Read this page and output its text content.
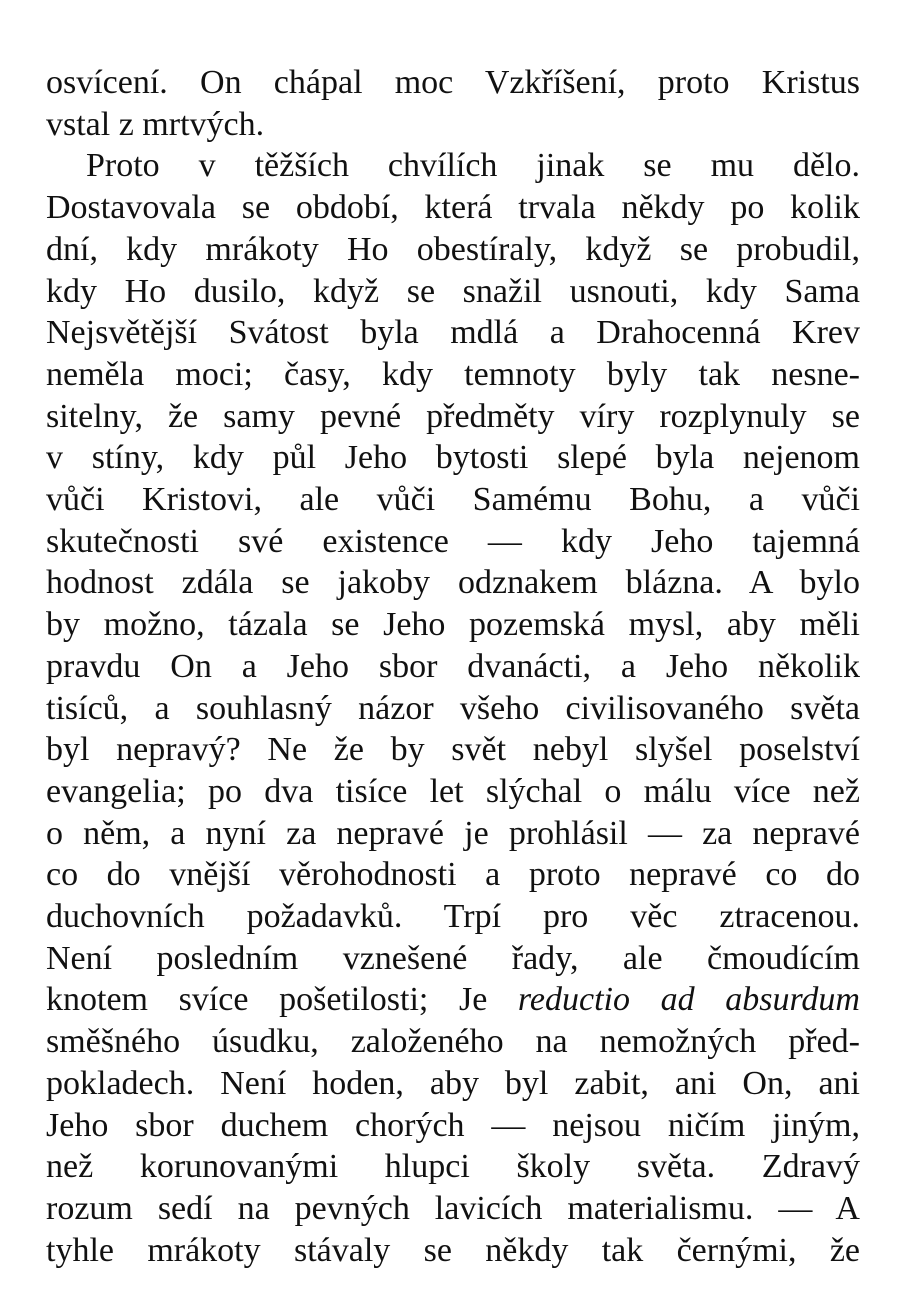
osvícení. On chápal moc Vzkříšení, proto Kristus
vstal z mrtvých.
Proto v těžších chvílích jinak se mu dělo.
Dostavovala se období, která trvala někdy po kolik
dní, kdy mrákoty Ho obestíraly, když se probudil,
kdy Ho dusilo, když se snažil usnouti, kdy Sama
Nejsvětější Svátost byla mdlá a Drahocenná Krev
neměla moci; časy, kdy temnoty byly tak nesne-
sitelny, že samy pevné předměty víry rozplynuly se
v stíny, kdy půl Jeho bytosti slepé byla nejenom
vůči Kristovi, ale vůči Samému Bohu, a vůči
skutečnosti své existence — kdy Jeho tajemná
hodnost zdála se jakoby odznakem blázna. A bylo
by možno, tázala se Jeho pozemská mysl, aby měli
pravdu On a Jeho sbor dvanácti, a Jeho několik
tisíců, a souhlasný názor všeho civilisovaného světa
byl nepravý? Ne že by svět nebyl slyšel poselství
evangelia; po dva tisíce let slýchal o málu více než
o něm, a nyní za nepravé je prohlásil — za nepravé
co do vnější věrohodnosti a proto nepravé co do
duchovních požadavků. Trpí pro věc ztracenou.
Není posledním vznešené řady, ale čmoudícím
knotem svíce pošetilosti; Je reductio ad absurdum
směšného úsudku, založeného na nemožných před-
pokladech. Není hoden, aby byl zabit, ani On, ani
Jeho sbor duchem chorých — nejsou ničím jiným,
než korunovanými hlupci školy světa. Zdravý
rozum sedí na pevných lavicích materialismu. — A
tyhle mrákoty stávaly se někdy tak černými, že
